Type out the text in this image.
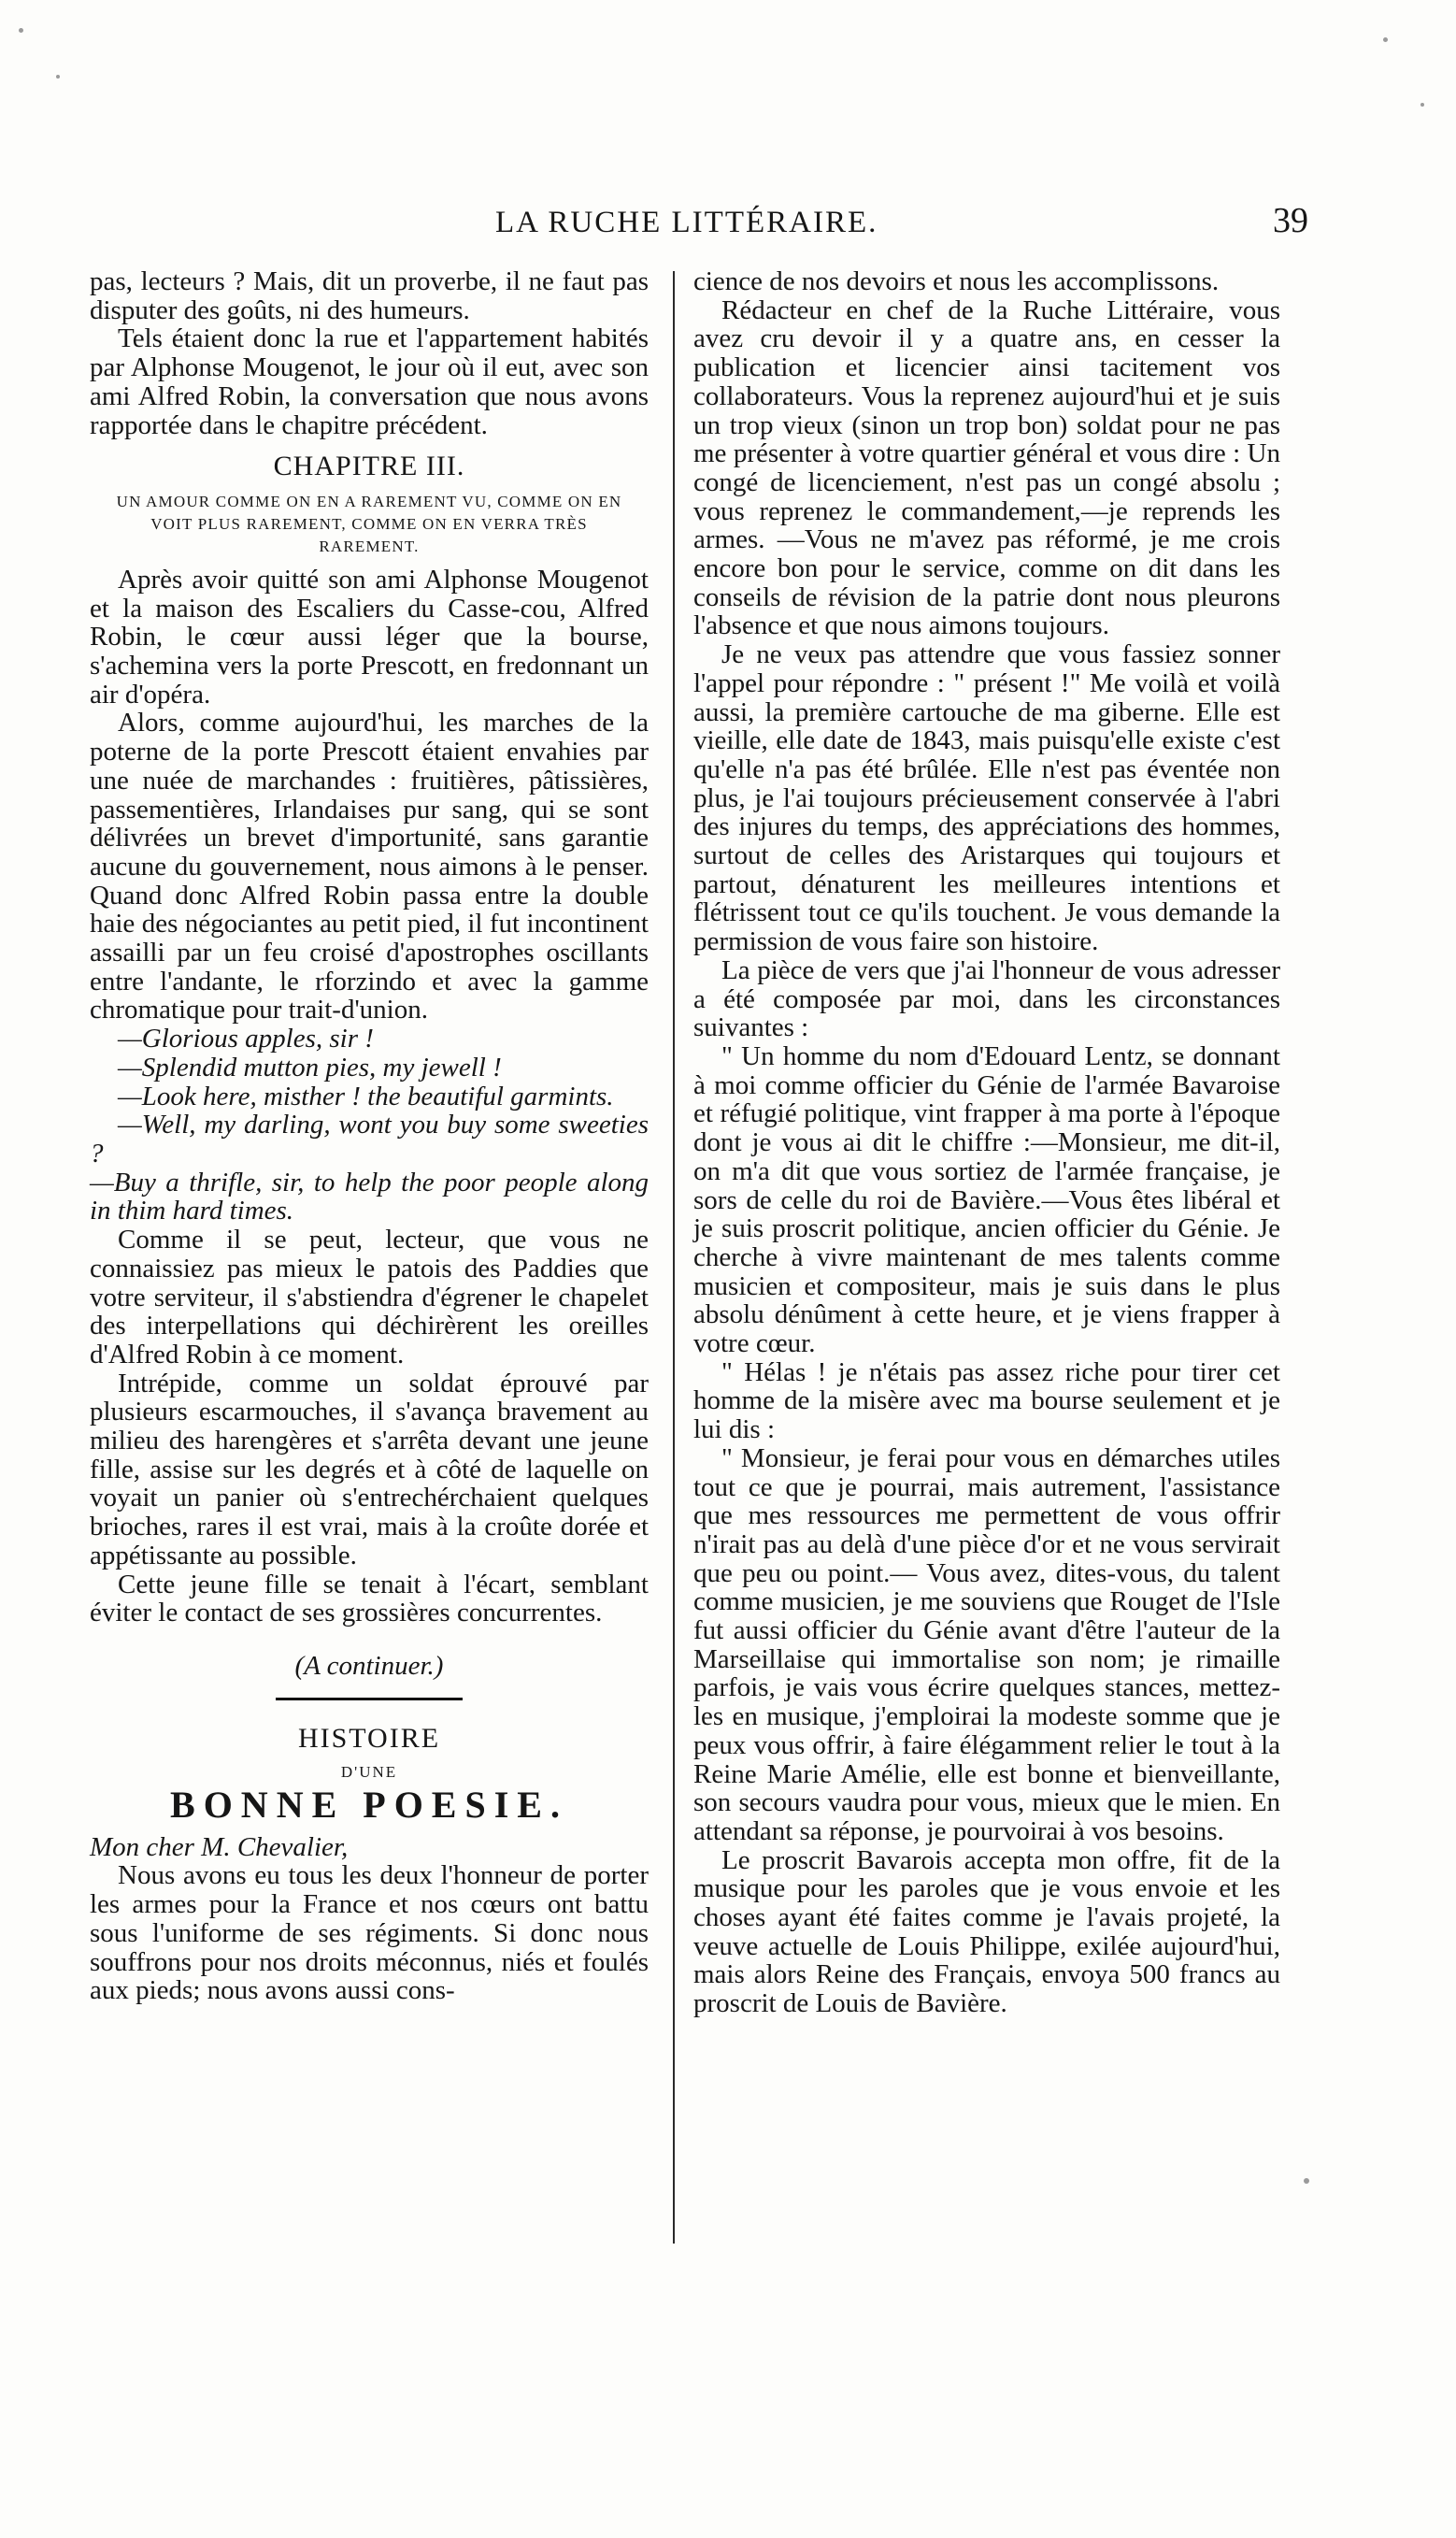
LA RUCHE LITTÉRAIRE.	39

pas, lecteurs ? Mais, dit un proverbe, il ne faut pas disputer des goûts, ni des humeurs.

Tels étaient donc la rue et l'appartement habités par Alphonse Mougenot, le jour où il eut, avec son ami Alfred Robin, la conversation que nous avons rapportée dans le chapitre précédent.

CHAPITRE III.
UN AMOUR COMME ON EN A RAREMENT VU, COMME ON EN VOIT PLUS RAREMENT, COMME ON EN VERRA TRÈS RAREMENT.

Après avoir quitté son ami Alphonse Mougenot et la maison des Escaliers du Casse-cou, Alfred Robin, le cœur aussi léger que la bourse, s'achemina vers la porte Prescott, en fredonnant un air d'opéra.

Alors, comme aujourd'hui, les marches de la poterne de la porte Prescott étaient envahies par une nuée de marchandes : fruitières, pâtissières, passementières, Irlandaises pur sang, qui se sont délivrées un brevet d'importunité, sans garantie aucune du gouvernement, nous aimons à le penser. Quand donc Alfred Robin passa entre la double haie des négociantes au petit pied, il fut incontinent assailli par un feu croisé d'apostrophes oscillants entre l'andante, le rforzindo et avec la gamme chromatique pour trait-d'union.

—Glorious apples, sir !

—Splendid mutton pies, my jewell !

—Look here, misther ! the beautiful garmints.

—Well, my darling, wont you buy some sweeties ?

—Buy a thrifle, sir, to help the poor people along in thim hard times.

Comme il se peut, lecteur, que vous ne connaissiez pas mieux le patois des Paddies que votre serviteur, il s'abstiendra d'égrener le chapelet des interpellations qui déchirèrent les oreilles d'Alfred Robin à ce moment.

Intrépide, comme un soldat éprouvé par plusieurs escarmouches, il s'avança bravement au milieu des harengères et s'arrêta devant une jeune fille, assise sur les degrés et à côté de laquelle on voyait un panier où s'entrechérchaient quelques brioches, rares il est vrai, mais à la croûte dorée et appétissante au possible.

Cette jeune fille se tenait à l'écart, semblant éviter le contact de ses grossières concurrentes.

(A continuer.)
HISTOIRE
D'UNE
BONNE POESIE.

Mon cher M. Chevalier,

Nous avons eu tous les deux l'honneur de porter les armes pour la France et nos cœurs ont battu sous l'uniforme de ses régiments. Si donc nous souffrons pour nos droits méconnus, niés et foulés aux pieds; nous avons aussi cons-

cience de nos devoirs et nous les accomplissons.

Rédacteur en chef de la Ruche Littéraire, vous avez cru devoir il y a quatre ans, en cesser la publication et licencier ainsi tacitement vos collaborateurs. Vous la reprenez aujourd'hui et je suis un trop vieux (sinon un trop bon) soldat pour ne pas me présenter à votre quartier général et vous dire : Un congé de licenciement, n'est pas un congé absolu ; vous reprenez le commandement,—je reprends les armes. —Vous ne m'avez pas réformé, je me crois encore bon pour le service, comme on dit dans les conseils de révision de la patrie dont nous pleurons l'absence et que nous aimons toujours.

Je ne veux pas attendre que vous fassiez sonner l'appel pour répondre : " présent !" Me voilà et voilà aussi, la première cartouche de ma giberne. Elle est vieille, elle date de 1843, mais puisqu'elle existe c'est qu'elle n'a pas été brûlée. Elle n'est pas éventée non plus, je l'ai toujours précieusement conservée à l'abri des injures du temps, des appréciations des hommes, surtout de celles des Aristarques qui toujours et partout, dénaturent les meilleures intentions et flétrissent tout ce qu'ils touchent. Je vous demande la permission de vous faire son histoire.

La pièce de vers que j'ai l'honneur de vous adresser a été composée par moi, dans les circonstances suivantes :

" Un homme du nom d'Edouard Lentz, se donnant à moi comme officier du Génie de l'armée Bavaroise et réfugié politique, vint frapper à ma porte à l'époque dont je vous ai dit le chiffre :—Monsieur, me dit-il, on m'a dit que vous sortiez de l'armée française, je sors de celle du roi de Bavière.—Vous êtes libéral et je suis proscrit politique, ancien officier du Génie. Je cherche à vivre maintenant de mes talents comme musicien et compositeur, mais je suis dans le plus absolu dénûment à cette heure, et je viens frapper à votre cœur.

" Hélas ! je n'étais pas assez riche pour tirer cet homme de la misère avec ma bourse seulement et je lui dis :

" Monsieur, je ferai pour vous en démarches utiles tout ce que je pourrai, mais autrement, l'assistance que mes ressources me permettent de vous offrir n'irait pas au delà d'une pièce d'or et ne vous servirait que peu ou point.— Vous avez, dites-vous, du talent comme musicien, je me souviens que Rouget de l'Isle fut aussi officier du Génie avant d'être l'auteur de la Marseillaise qui immortalise son nom; je rimaille parfois, je vais vous écrire quelques stances, mettez-les en musique, j'emploirai la modeste somme que je peux vous offrir, à faire élégamment relier le tout à la Reine Marie Amélie, elle est bonne et bienveillante, son secours vaudra pour vous, mieux que le mien. En attendant sa réponse, je pourvoirai à vos besoins.

Le proscrit Bavarois accepta mon offre, fit de la musique pour les paroles que je vous envoie et les choses ayant été faites comme je l'avais projeté, la veuve actuelle de Louis Philippe, exilée aujourd'hui, mais alors Reine des Français, envoya 500 francs au proscrit de Louis de Bavière.
